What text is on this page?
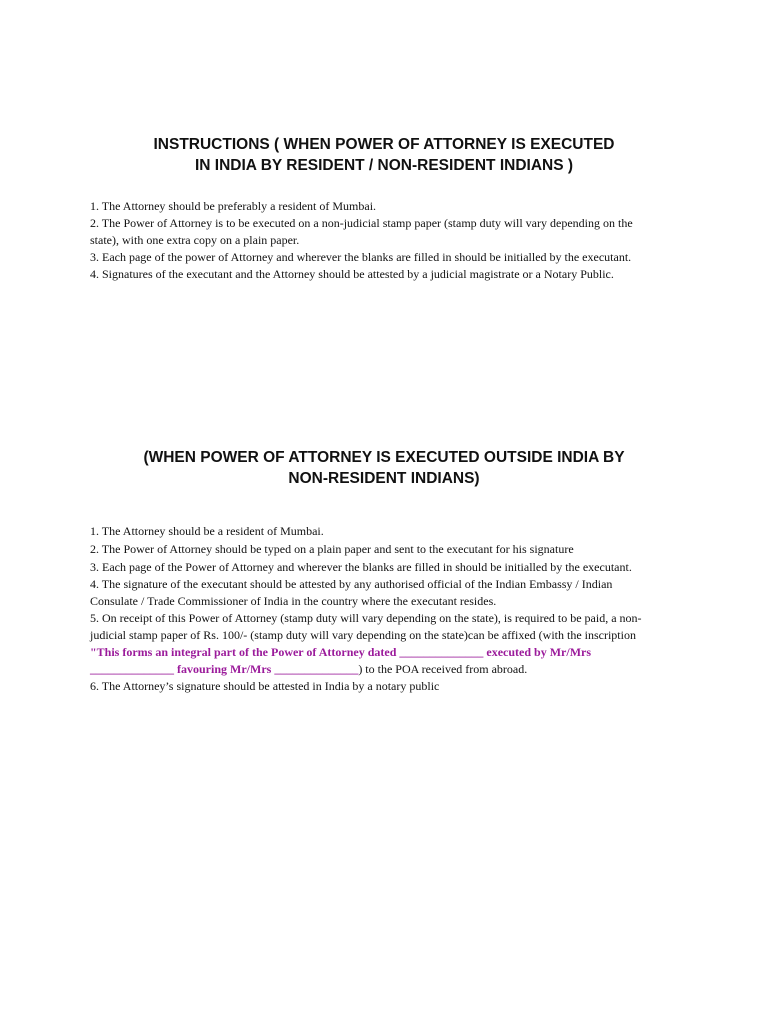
INSTRUCTIONS ( WHEN POWER OF ATTORNEY IS EXECUTED
IN INDIA BY RESIDENT / NON-RESIDENT INDIANS )
1. The Attorney should be preferably a resident of Mumbai.
2. The Power of Attorney is to be executed on a non-judicial stamp paper (stamp duty will vary depending on the
state), with one extra copy on a plain paper.
3. Each page of the power of Attorney and wherever the blanks are filled in should be initialled by the executant.
4. Signatures of the executant and the Attorney should be attested by a judicial magistrate or a Notary Public.
(WHEN POWER OF ATTORNEY IS EXECUTED OUTSIDE INDIA BY
NON-RESIDENT INDIANS)
1. The Attorney should be a resident of Mumbai.
2. The Power of Attorney should be typed on a plain paper and sent to the executant for his signature
3. Each page of the Power of Attorney and wherever the blanks are filled in should be initialled by the executant.
4. The signature of the executant should be attested by any authorised official of the Indian Embassy / Indian
Consulate / Trade Commissioner of India in the country where the executant resides.
5. On receipt of this Power of Attorney (stamp duty will vary depending on the state), is required to be paid, a non-
judicial stamp paper of Rs. 100/- (stamp duty will vary depending on the state)can be affixed (with the inscription
"This forms an integral part of the Power of Attorney dated ______________ executed by Mr/Mrs
______________ favouring Mr/Mrs ______________) to the POA received from abroad.
6. The Attorney’s signature should be attested in India by a notary public
